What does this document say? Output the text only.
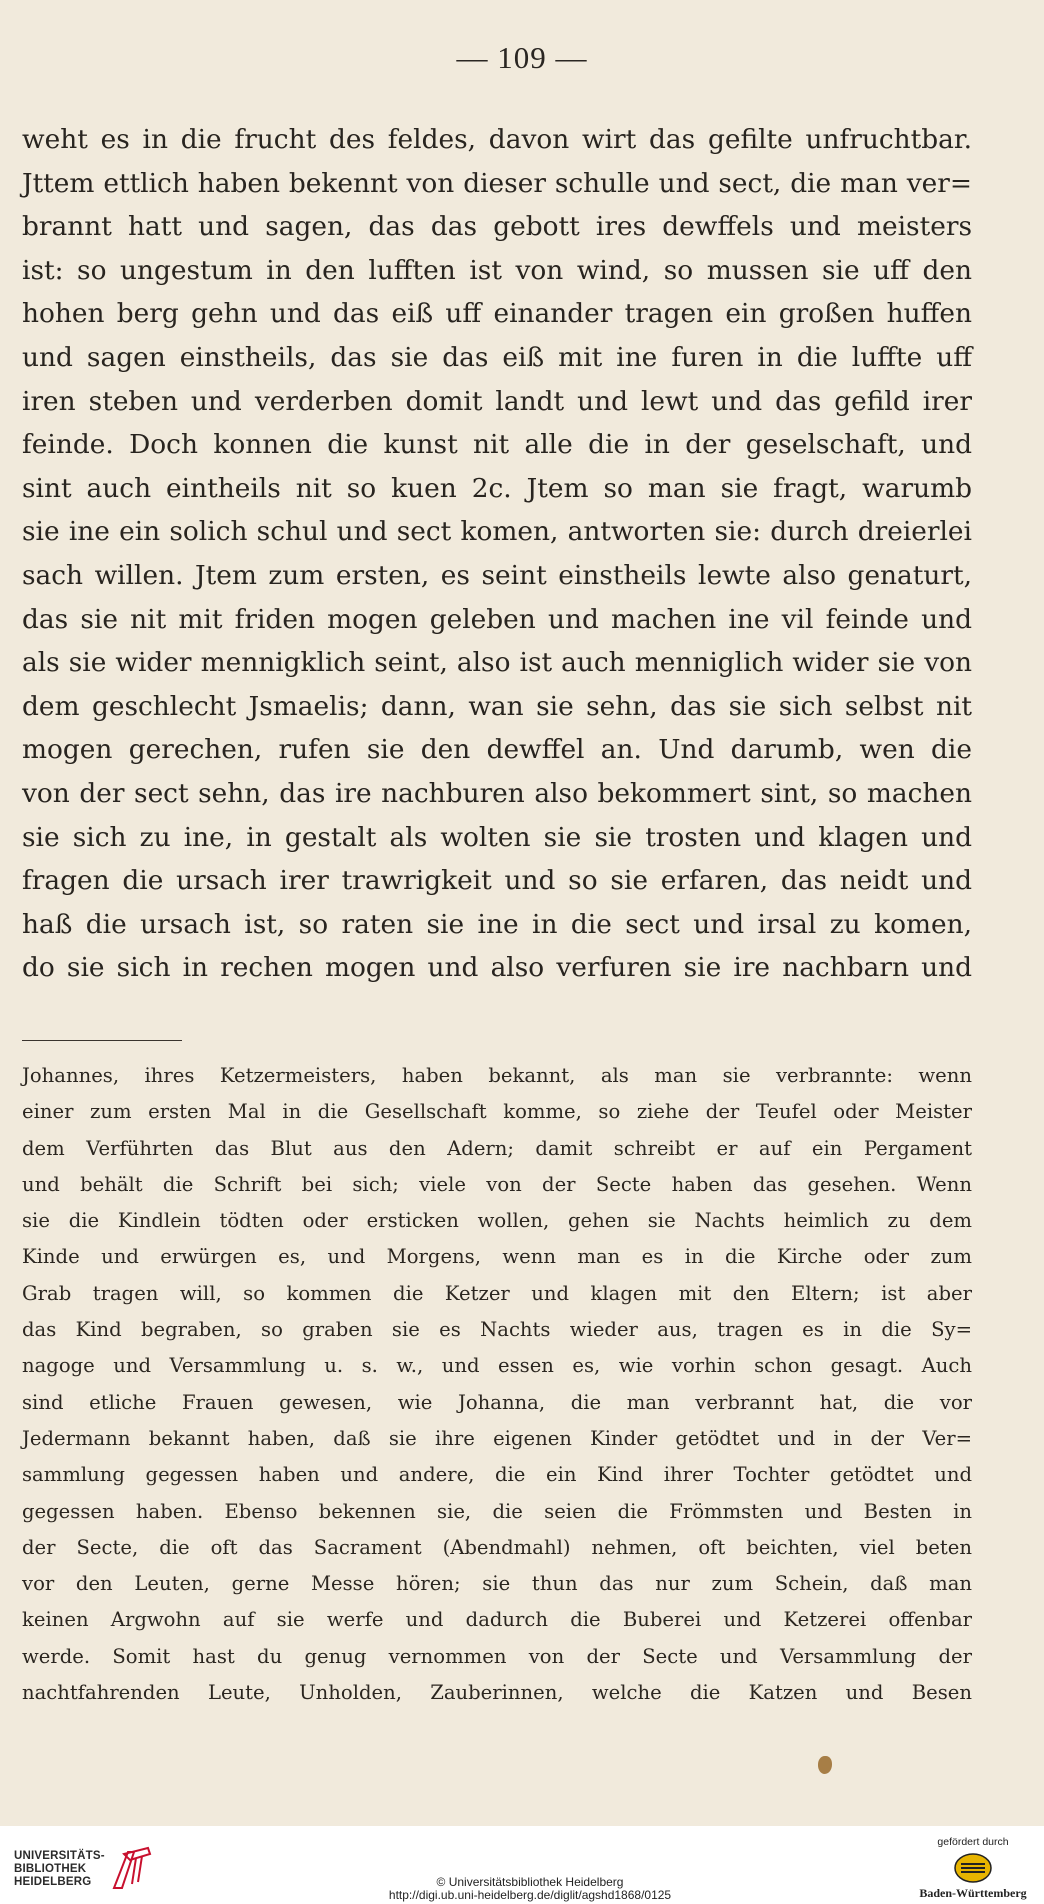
— 109 —
weht es in die frucht des feldes, davon wirt das gefilte unfruchtbar.
Jttem ettlich haben bekennt von dieser schulle und sect, die man ver=
brannt hatt und sagen, das das gebott ires dewffels und meisters
ist: so ungestum in den lufften ist von wind, so mussen sie uff den
hohen berg gehn und das eiß uff einander tragen ein großen huffen
und sagen einstheils, das sie das eiß mit ine furen in die luffte uff
iren steben und verderben domit landt und lewt und das gefild irer
feinde. Doch konnen die kunst nit alle die in der geselschaft, und
sint auch eintheils nit so kuen 2c. Jtem so man sie fragt, warumb
sie ine ein solich schul und sect komen, antworten sie: durch dreierlei
sach willen. Jtem zum ersten, es seint einstheils lewte also genaturt,
das sie nit mit friden mogen geleben und machen ine vil feinde und
als sie wider mennigklich seint, also ist auch menniglich wider sie von
dem geschlecht Jsmaelis; dann, wan sie sehn, das sie sich selbst nit
mogen gerechen, rufen sie den dewffel an. Und darumb, wen die
von der sect sehn, das ire nachburen also bekommert sint, so machen
sie sich zu ine, in gestalt als wolten sie sie trosten und klagen und
fragen die ursach irer trawrigkeit und so sie erfaren, das neidt und
haß die ursach ist, so raten sie ine in die sect und irsal zu komen,
do sie sich in rechen mogen und also verfuren sie ire nachbarn und
Johannes, ihres Ketzermeisters, haben bekannt, als man sie verbrannte: wenn
einer zum ersten Mal in die Gesellschaft komme, so ziehe der Teufel oder Meister
dem Verführten das Blut aus den Adern; damit schreibt er auf ein Pergament
und behält die Schrift bei sich; viele von der Secte haben das gesehen. Wenn
sie die Kindlein tödten oder ersticken wollen, gehen sie Nachts heimlich zu dem
Kinde und erwürgen es, und Morgens, wenn man es in die Kirche oder zum
Grab tragen will, so kommen die Ketzer und klagen mit den Eltern; ist aber
das Kind begraben, so graben sie es Nachts wieder aus, tragen es in die Sy=
nagoge und Versammlung u. s. w., und essen es, wie vorhin schon gesagt. Auch
sind etliche Frauen gewesen, wie Johanna, die man verbrannt hat, die vor
Jedermann bekannt haben, daß sie ihre eigenen Kinder getödtet und in der Ver=
sammlung gegessen haben und andere, die ein Kind ihrer Tochter getödtet und
gegessen haben. Ebenso bekennen sie, die seien die Frömmsten und Besten in
der Secte, die oft das Sacrament (Abendmahl) nehmen, oft beichten, viel beten
vor den Leuten, gerne Messe hören; sie thun das nur zum Schein, daß man
keinen Argwohn auf sie werfe und dadurch die Buberei und Ketzerei offenbar
werde. Somit hast du genug vernommen von der Secte und Versammlung der
nachtfahrenden Leute, Unholden, Zauberinnen, welche die Katzen und Besen
UNIVERSITÄTS-
BIBLIOTHEK
HEIDELBERG	© Universitätsbibliothek Heidelberg
http://digi.ub.uni-heidelberg.de/diglit/agshd1868/0125
gefördert durch
Baden-Württemberg
